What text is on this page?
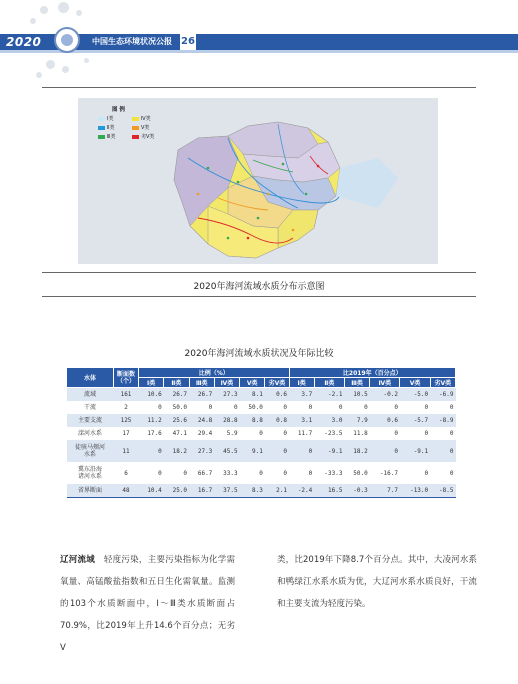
2020	中国生态环境状况公报 26
图 例
Ⅰ类
Ⅱ类
Ⅲ类
Ⅳ类
Ⅴ类
劣Ⅴ类
2020年海河流域水质分布示意图
2020年海河流域水质状况及年际比较
水体	断面数（个）	比例（%）						比2019年（百分点）					
		Ⅰ类	Ⅱ类	Ⅲ类	Ⅳ类	Ⅴ类	劣Ⅴ类	Ⅰ类	Ⅱ类	Ⅲ类	Ⅳ类	Ⅴ类	劣Ⅴ类
流域	161	10.6	26.7	26.7	27.3	8.1	0.6	3.7	-2.1	10.5	-0.2	-5.0	-6.9
干流	2	0	50.0	0	0	50.0	0	0	0	0	0	0	0
主要支流	125	11.2	25.6	24.8	28.8	8.8	0.8	3.1	3.0	7.9	0.6	-5.7	-8.9
滦河水系	17	17.6	47.1	29.4	5.9	0	0	11.7	-23.5	11.8	0	0	0

徒骇马颊河
水系	11	0	18.2	27.3	45.5	9.1	0	0	-9.1	18.2	0	-9.1	0

冀东沿海
诸河水系	6	0	0	66.7	33.3	0	0	0	-33.3	50.0	-16.7	0	0
省界断面	48	10.4	25.0	16.7	37.5	8.3	2.1	-2.4	16.5	-0.3	7.7	-13.0	-8.5
辽河流域 轻度污染，主要污染指标为化学需氧量、高锰酸盐指数和五日生化需氧量。监测的103个水质断面中，Ⅰ～Ⅲ类水质断面占70.9%，比2019年上升14.6个百分点；无劣Ⅴ
类，比2019年下降8.7个百分点。其中，大凌河水系和鸭绿江水系水质为优，大辽河水系水质良好，干流和主要支流为轻度污染。
